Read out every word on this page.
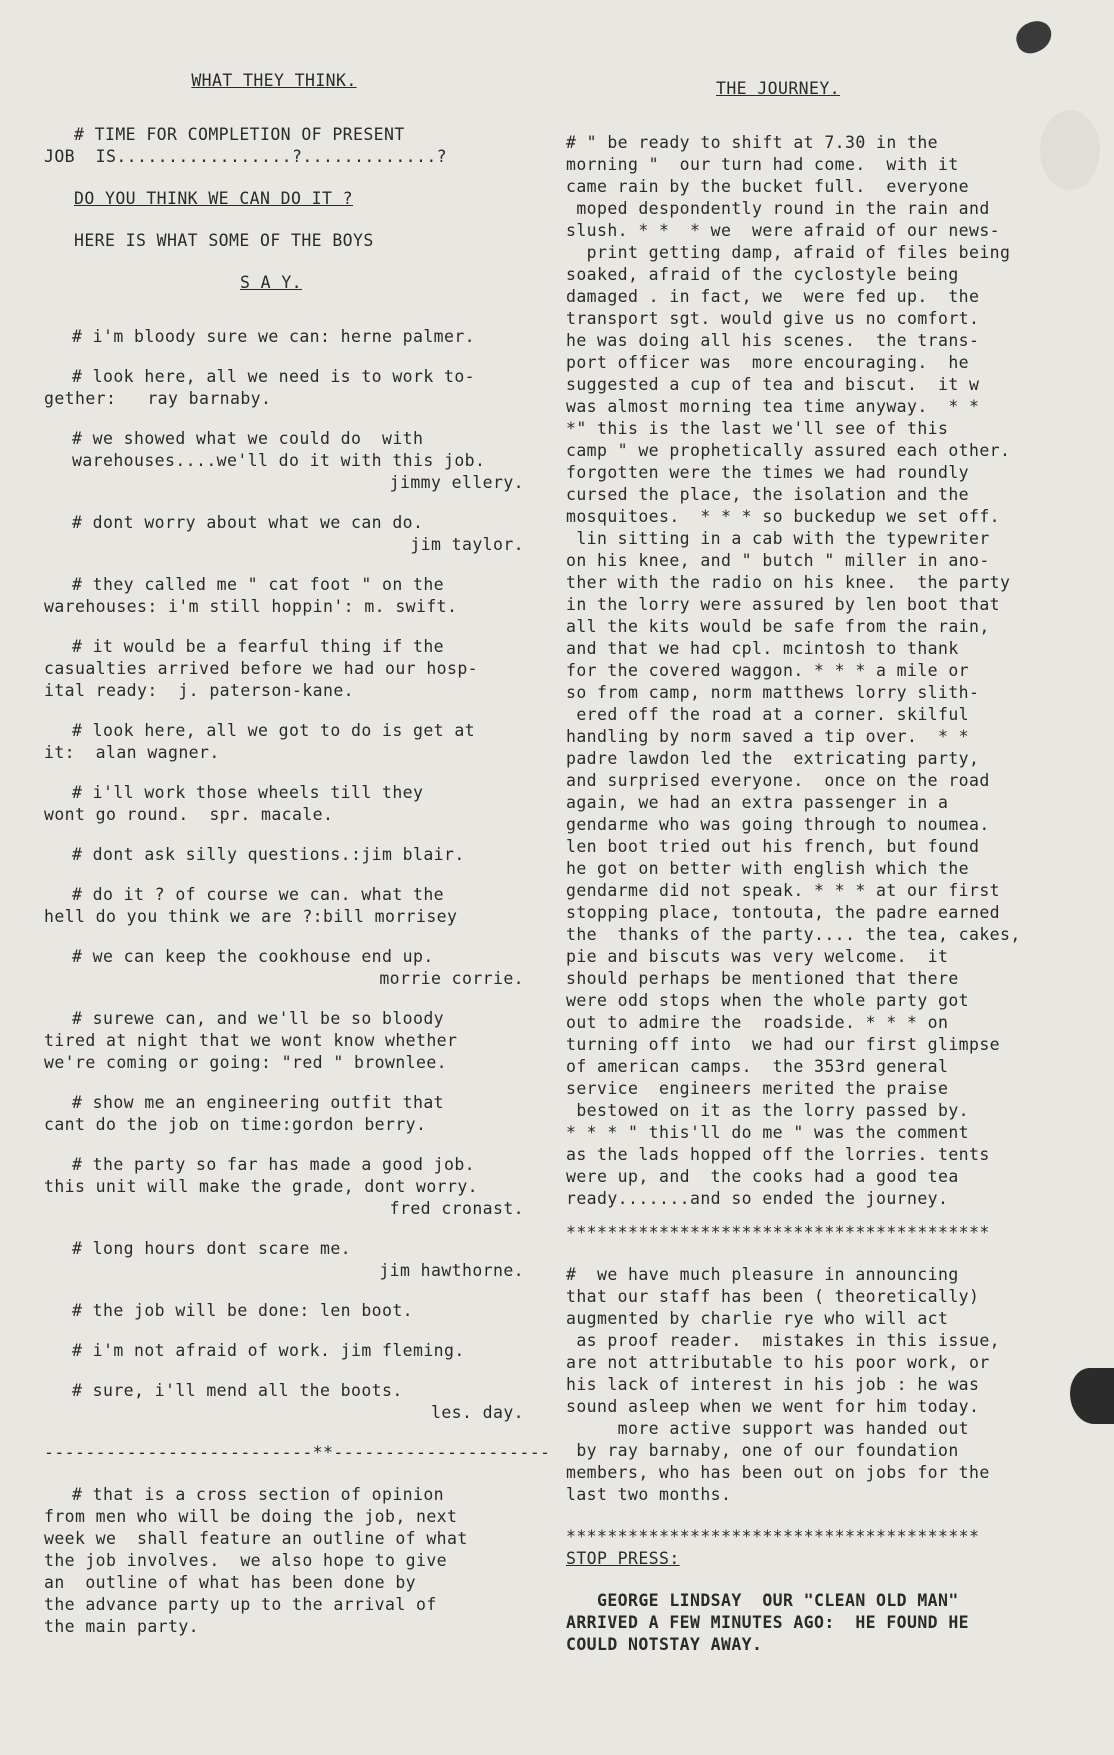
WHAT THEY THINK.
# TIME FOR COMPLETION OF PRESENT
JOB  IS.................?.............?
DO YOU THINK WE CAN DO IT ?
HERE IS WHAT SOME OF THE BOYS
S A Y.
# i'm bloody sure we can: herne palmer.
# look here, all we need is to work to-
gether:   ray barnaby.
# we showed what we could do  with warehouses....we'll do it with this job.
jimmy ellery.
# dont worry about what we can do.
jim taylor.
# they called me " cat foot " on the
warehouses: i'm still hoppin': m. swift.
# it would be a fearful thing if the
casualties arrived before we had our hosp-
ital ready:  j. paterson-kane.
# look here, all we got to do is get at
it:  alan wagner.
# i'll work those wheels till they
wont go round.  spr. macale.
# dont ask silly questions.:jim blair.
# do it ? of course we can. what the
hell do you think we are ?:bill morrisey
# we can keep the cookhouse end up.
morrie corrie.
# surewe can, and we'll be so bloody
tired at night that we wont know whether
we're coming or going: "red " brownlee.
# show me an engineering outfit that
cant do the job on time:gordon berry.
# the party so far has made a good job.
this unit will make the grade, dont worry.
fred cronast.
# long hours dont scare me.
jim hawthorne.
# the job will be done: len boot.
# i'm not afraid of work. jim fleming.
# sure, i'll mend all the boots.
les. day.
--------------------------**---------------------
# that is a cross section of opinion
from men who will be doing the job, next
week we  shall feature an outline of what
the job involves.  we also hope to give
an  outline of what has been done by
the advance party up to the arrival of
the main party.
THE JOURNEY.
# " be ready to shift at 7.30 in the
morning "  our turn had come.  with it
came rain by the bucket full.  everyone
moped despondently round in the rain and
slush. * *  * we  were afraid of our news-
print getting damp, afraid of files being
soaked, afraid of the cyclostyle being
damaged . in fact, we  were fed up.  the
transport sgt. would give us no comfort.
he was doing all his scenes.  the trans-
port officer was  more encouraging.  he
suggested a cup of tea and biscut.  it w
was almost morning tea time anyway.  * *
*" this is the last we'll see of this
camp " we prophetically assured each other.
forgotten were the times we had roundly
cursed the place, the isolation and the
mosquitoes.  * * * so buckedup we set off.
lin sitting in a cab with the typewriter
on his knee, and " butch " miller in ano-
ther with the radio on his knee.  the party
in the lorry were assured by len boot that
all the kits would be safe from the rain,
and that we had cpl. mcintosh to thank
for the covered waggon. * * * a mile or
so from camp, norm matthews lorry slith-
ered off the road at a corner. skilful
handling by norm saved a tip over.  * *
padre lawdon led the  extricating party,
and surprised everyone.  once on the road
again, we had an extra passenger in a
gendarme who was going through to noumea.
len boot tried out his french, but found
he got on better with english which the
gendarme did not speak. * * * at our first
stopping place, tontouta, the padre earned
the  thanks of the party.... the tea, cakes,
pie and biscuts was very welcome.  it
should perhaps be mentioned that there
were odd stops when the whole party got
out to admire the  roadside. * * * on
turning off into  we had our first glimpse
of american camps.  the 353rd general
service  engineers merited the praise
bestowed on it as the lorry passed by.
* * * " this'll do me " was the comment
as the lads hopped off the lorries. tents
were up, and  the cooks had a good tea
ready.......and so ended the journey.
*****************************************
#  we have much pleasure in announcing
that our staff has been ( theoretically)
augmented by charlie rye who will act
as proof reader.  mistakes in this issue,
are not attributable to his poor work, or
his lack of interest in his job : he was
sound asleep when we went for him today.
more active support was handed out
by ray barnaby, one of our foundation
members, who has been out on jobs for the
last two months.
****************************************
STOP PRESS:
GEORGE LINDSAY  OUR "CLEAN OLD MAN"
ARRIVED A FEW MINUTES AGO:  HE FOUND HE
COULD NOTSTAY AWAY.
